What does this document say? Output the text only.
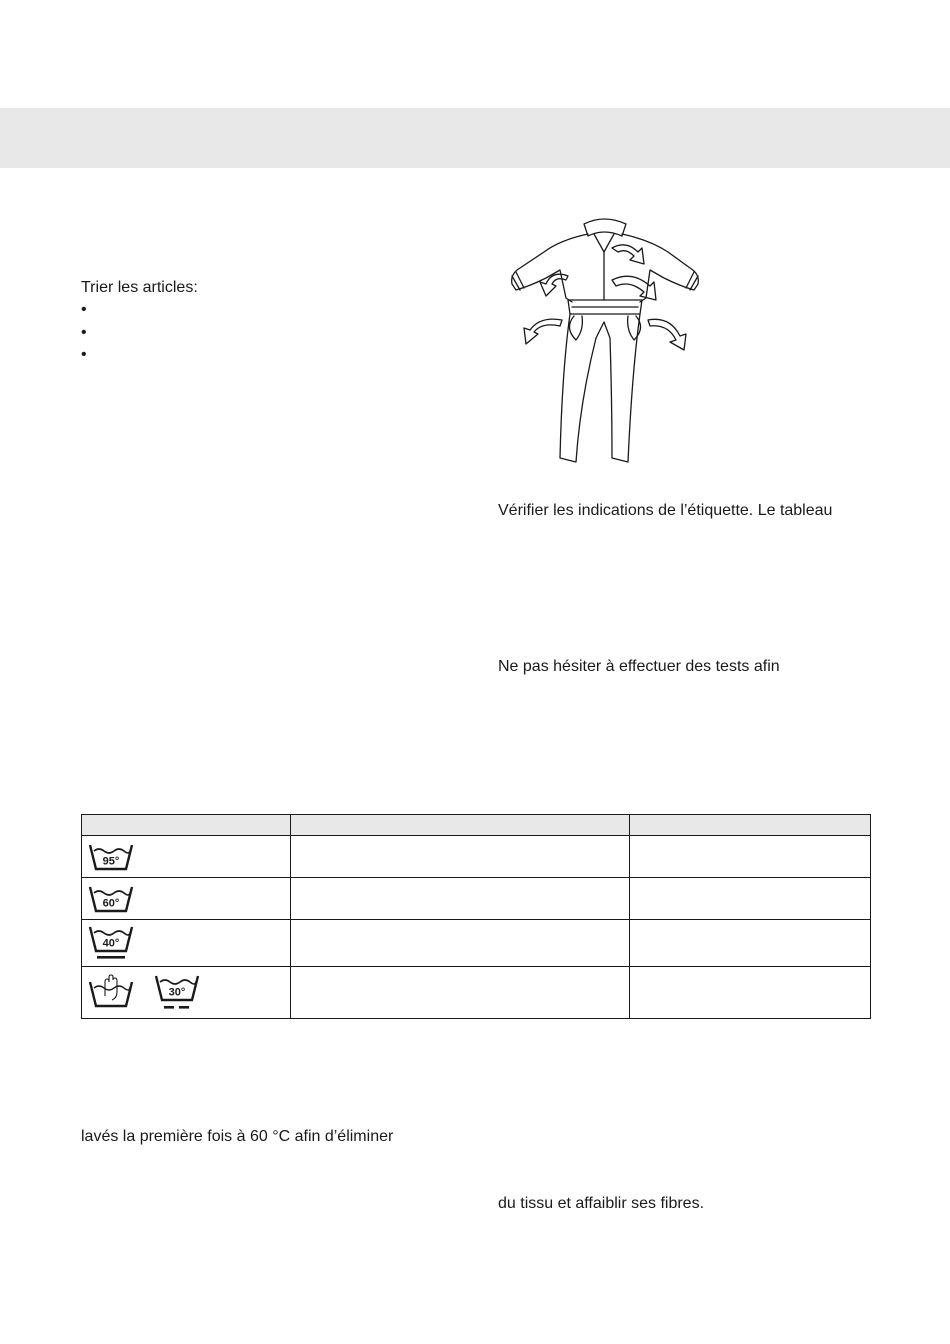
Trier les articles:
•
•
•
Vérifier les indications de l’étiquette. Le tableau
Ne pas hésiter à effectuer des tests afin

95°		

60°		

40°		

30°		

lavés la première fois à 60 °C afin d’éliminer
du tissu et affaiblir ses fibres.
